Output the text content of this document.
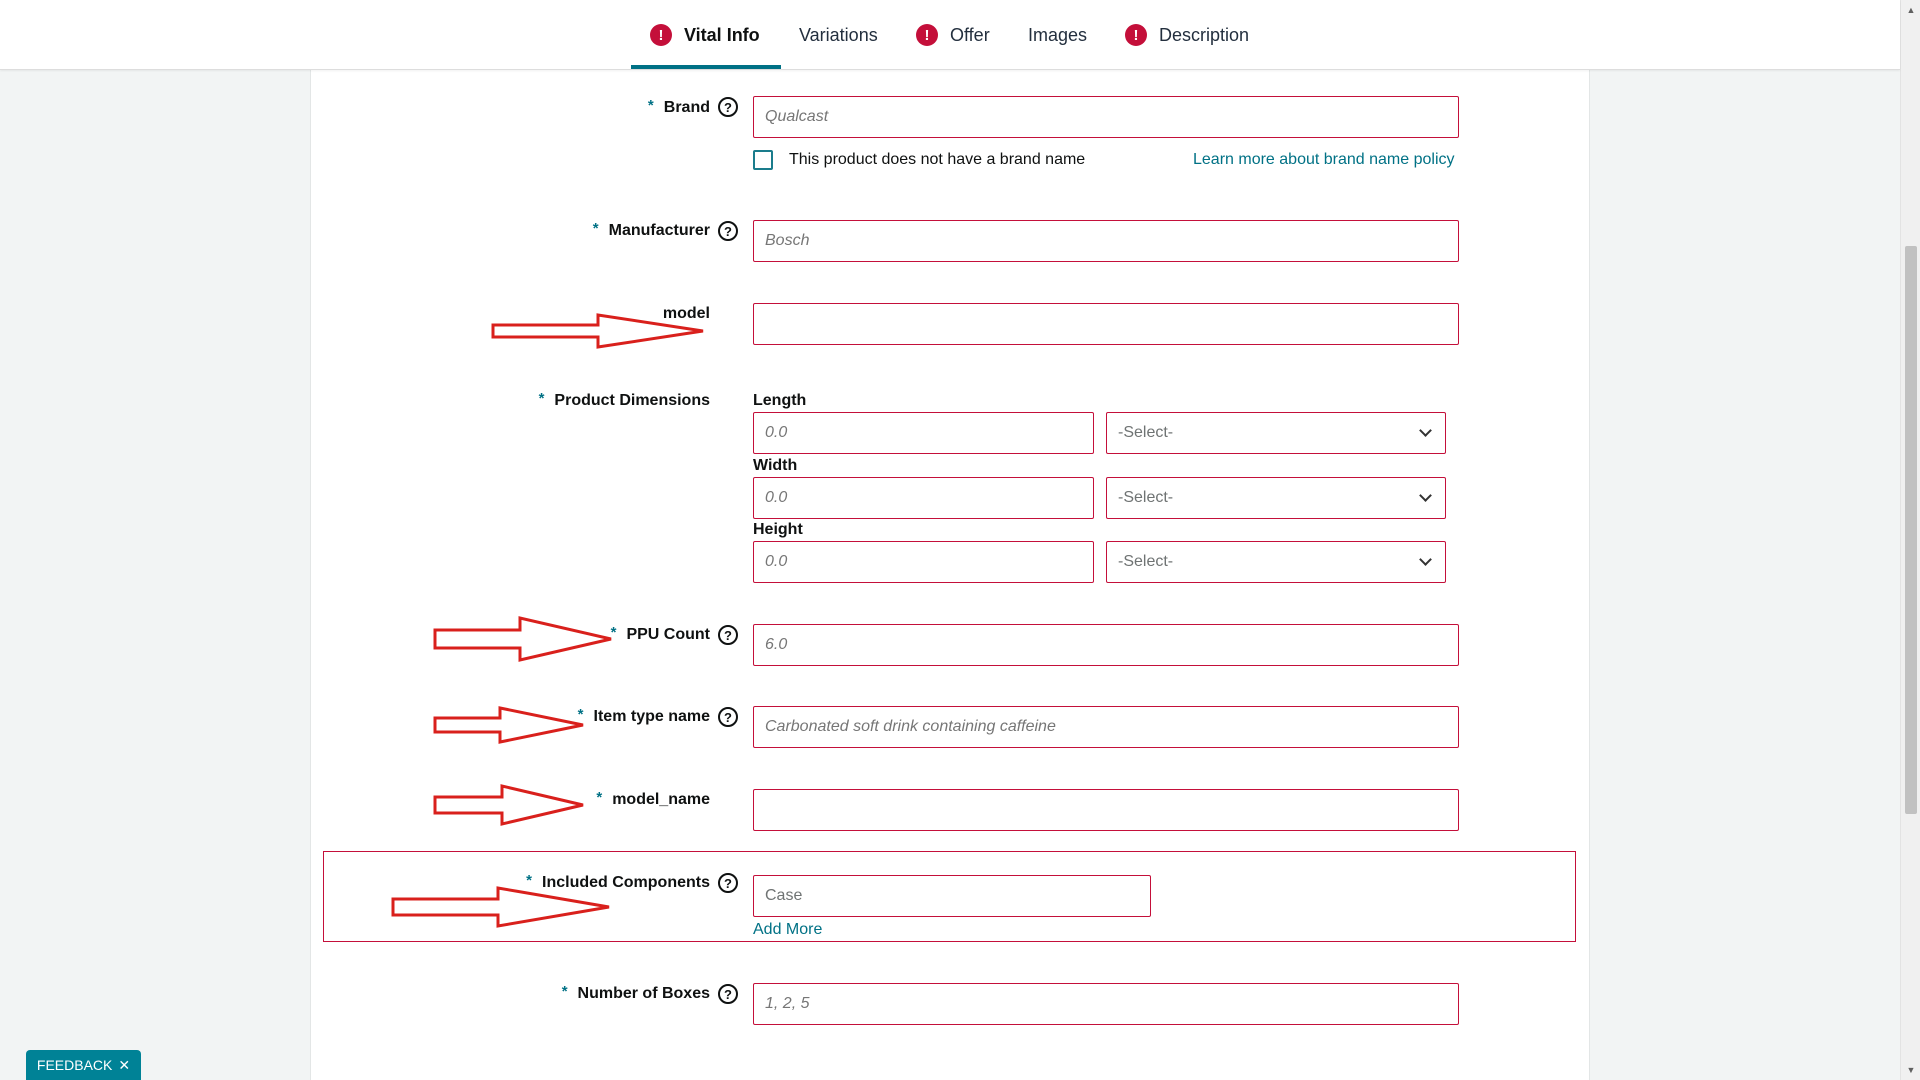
!	Vital Info Variations	!	Offer Images	!	Description
* Brand	?
Qualcast
This product does not have a brand name	Learn more about brand name policy
* Manufacturer	?
Bosch
model
* Product Dimensions	Length
0.0	-Select-
Width
0.0	-Select-
Height
0.0	-Select-
* PPU Count	?
6.0
* Item type name	?
Carbonated soft drink containing caffeine
* model_name
* Included Components	?
Case
Add More
* Number of Boxes	?
1, 2, 5
▲
▼
FEEDBACK ✕
